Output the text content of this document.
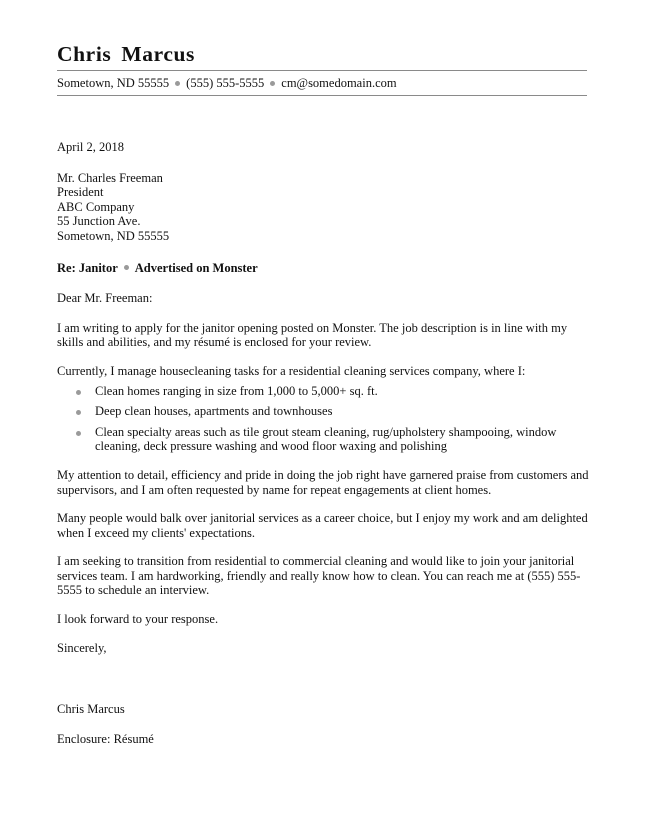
Chris Marcus
Sometown, ND 55555 (555) 555-5555 cm@somedomain.com

April 2, 2018

Mr. Charles Freeman

President

ABC Company

55 Junction Ave.

Sometown, ND 55555

Re: Janitor Advertised on Monster

Dear Mr. Freeman:

I am writing to apply for the janitor opening posted on Monster. The job description is in line with my skills and abilities, and my résumé is enclosed for your review.

Currently, I manage housecleaning tasks for a residential cleaning services company, where I:

Clean homes ranging in size from 1,000 to 5,000+ sq. ft.
Deep clean houses, apartments and townhouses
Clean specialty areas such as tile grout steam cleaning, rug/upholstery shampooing, window cleaning, deck pressure washing and wood floor waxing and polishing

My attention to detail, efficiency and pride in doing the job right have garnered praise from customers and supervisors, and I am often requested by name for repeat engagements at client homes.

Many people would balk over janitorial services as a career choice, but I enjoy my work and am delighted when I exceed my clients' expectations.

I am seeking to transition from residential to commercial cleaning and would like to join your janitorial services team. I am hardworking, friendly and really know how to clean. You can reach me at (555) 555-5555 to schedule an interview.

I look forward to your response.

Sincerely,

Chris Marcus

Enclosure: Résumé
